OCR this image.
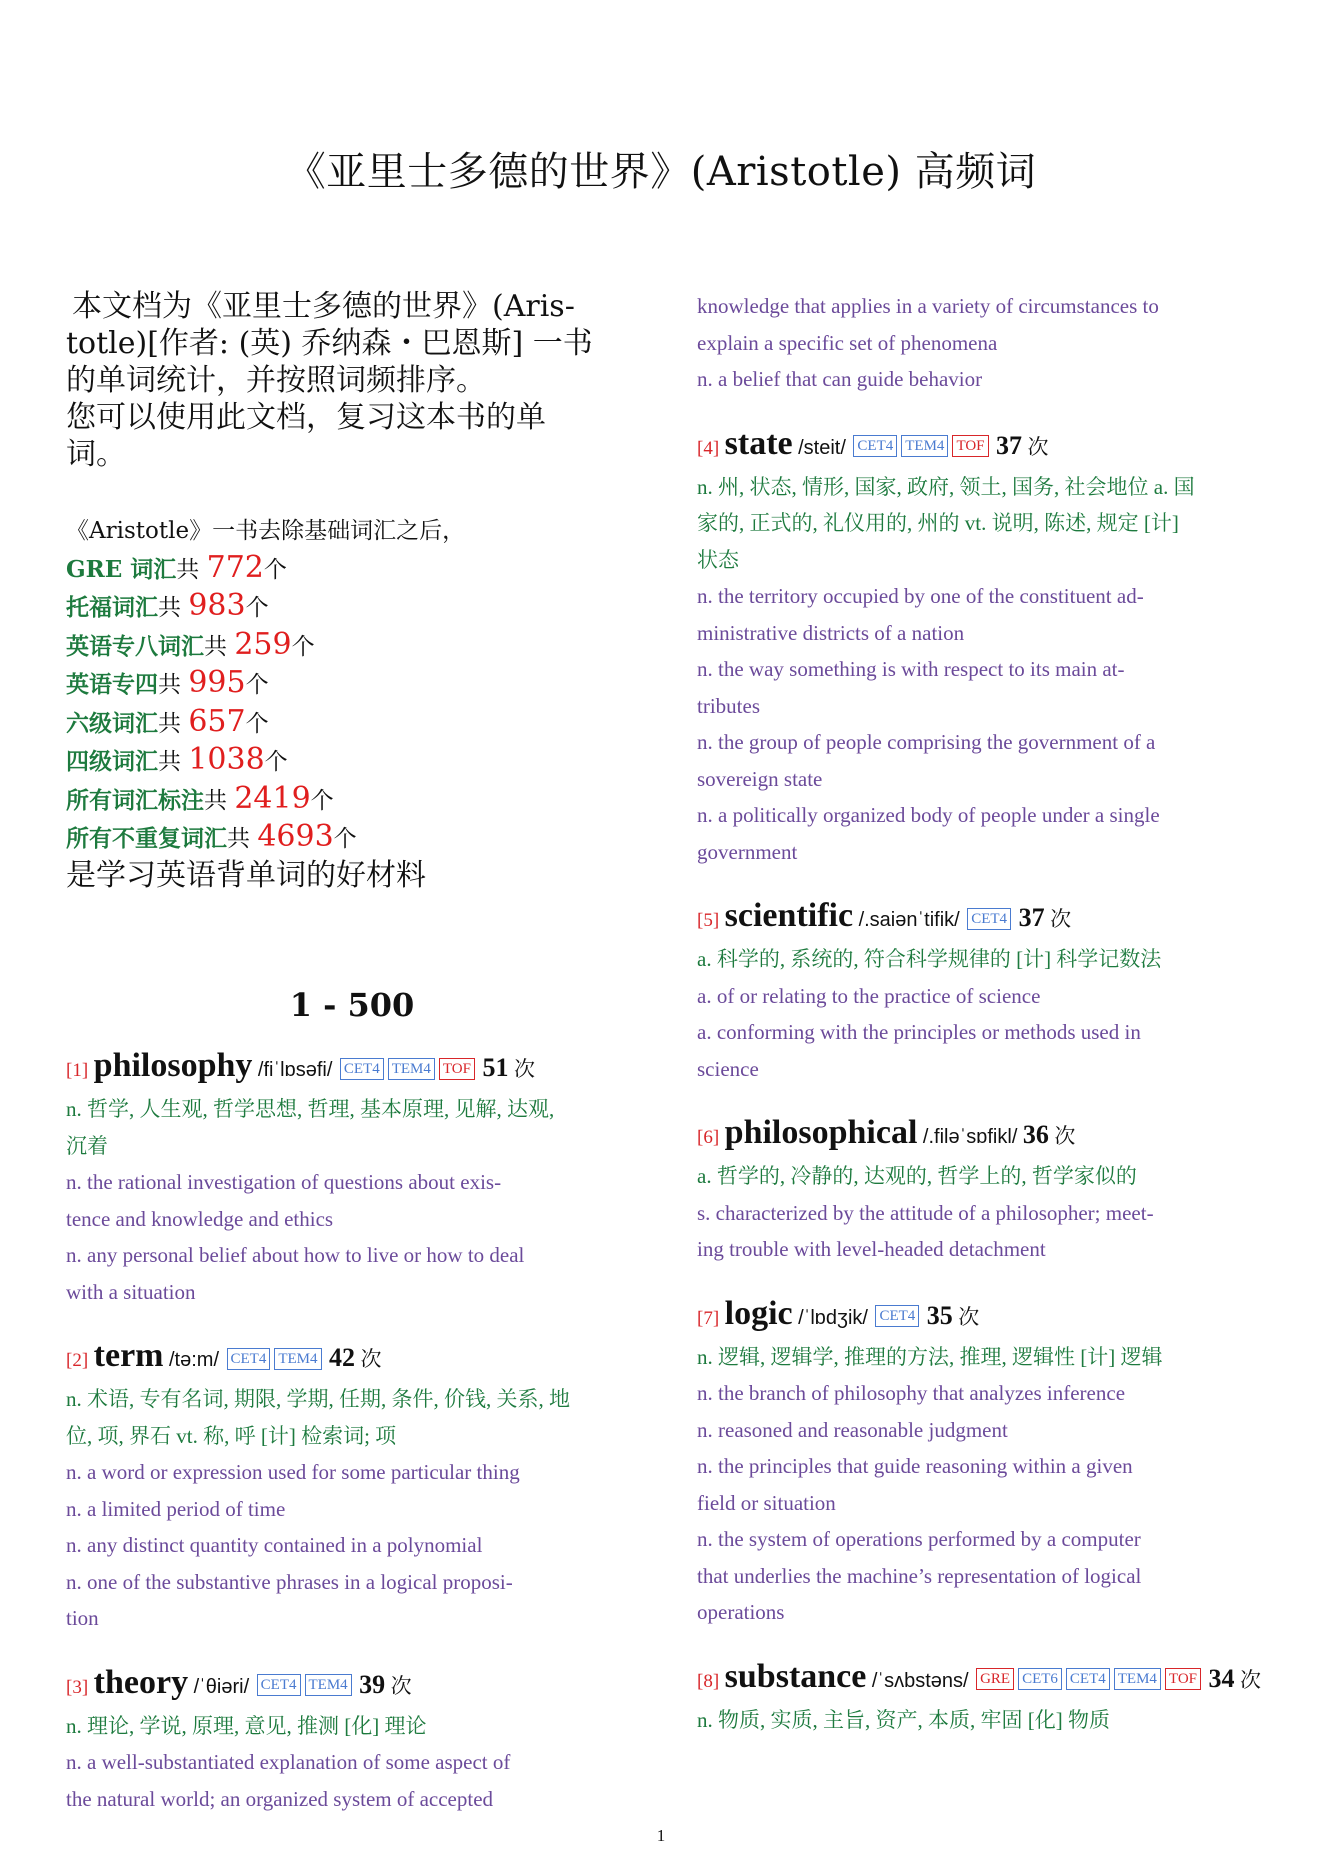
《亚里士多德的世界》(Aristotle) 高频词

本文档为《亚里士多德的世界》(Aris-

totle)[作者: (英) 乔纳森・巴恩斯] 一书

的单词统计，并按照词频排序。

您可以使用此文档，复习这本书的单

词。

《Aristotle》一书去除基础词汇之后，
GRE 词汇共 772个
托福词汇共 983个
英语专八词汇共 259个
英语专四共 995个
六级词汇共 657个
四级词汇共 1038个
所有词汇标注共 2419个
所有不重复词汇共 4693个
是学习英语背单词的好材料
1 - 500
[1] philosophy /fiˈlɒsəfi/ CET4 TEM4 TOF 51 次
n. 哲学, 人生观, 哲学思想, 哲理, 基本原理, 见解, 达观,
沉着
n. the rational investigation of questions about exis-
tence and knowledge and ethics
n. any personal belief about how to live or how to deal
with a situation
[2] term /tə:m/ CET4 TEM4 42 次
n. 术语, 专有名词, 期限, 学期, 任期, 条件, 价钱, 关系, 地
位, 项, 界石 vt. 称, 呼 [计] 检索词; 项
n. a word or expression used for some particular thing
n. a limited period of time
n. any distinct quantity contained in a polynomial
n. one of the substantive phrases in a logical proposi-
tion
[3] theory /ˈθiəri/ CET4 TEM4 39 次
n. 理论, 学说, 原理, 意见, 推测 [化] 理论
n. a well-substantiated explanation of some aspect of
the natural world; an organized system of accepted
knowledge that applies in a variety of circumstances to
explain a specific set of phenomena
n. a belief that can guide behavior
[4] state /steit/ CET4 TEM4 TOF 37 次
n. 州, 状态, 情形, 国家, 政府, 领土, 国务, 社会地位 a. 国
家的, 正式的, 礼仪用的, 州的 vt. 说明, 陈述, 规定 [计]
状态
n. the territory occupied by one of the constituent ad-
ministrative districts of a nation
n. the way something is with respect to its main at-
tributes
n. the group of people comprising the government of a
sovereign state
n. a politically organized body of people under a single
government
[5] scientific /.saiənˈtifik/ CET4 37 次
a. 科学的, 系统的, 符合科学规律的 [计] 科学记数法
a. of or relating to the practice of science
a. conforming with the principles or methods used in
science
[6] philosophical /.filəˈsɒfikl/ 36 次
a. 哲学的, 冷静的, 达观的, 哲学上的, 哲学家似的
s. characterized by the attitude of a philosopher; meet-
ing trouble with level-headed detachment
[7] logic /ˈlɒdʒik/ CET4 35 次
n. 逻辑, 逻辑学, 推理的方法, 推理, 逻辑性 [计] 逻辑
n. the branch of philosophy that analyzes inference
n. reasoned and reasonable judgment
n. the principles that guide reasoning within a given
field or situation
n. the system of operations performed by a computer
that underlies the machine’s representation of logical
operations
[8] substance /ˈsʌbstəns/ GRE CET6 CET4 TEM4 TOF 34 次
n. 物质, 实质, 主旨, 资产, 本质, 牢固 [化] 物质
1
